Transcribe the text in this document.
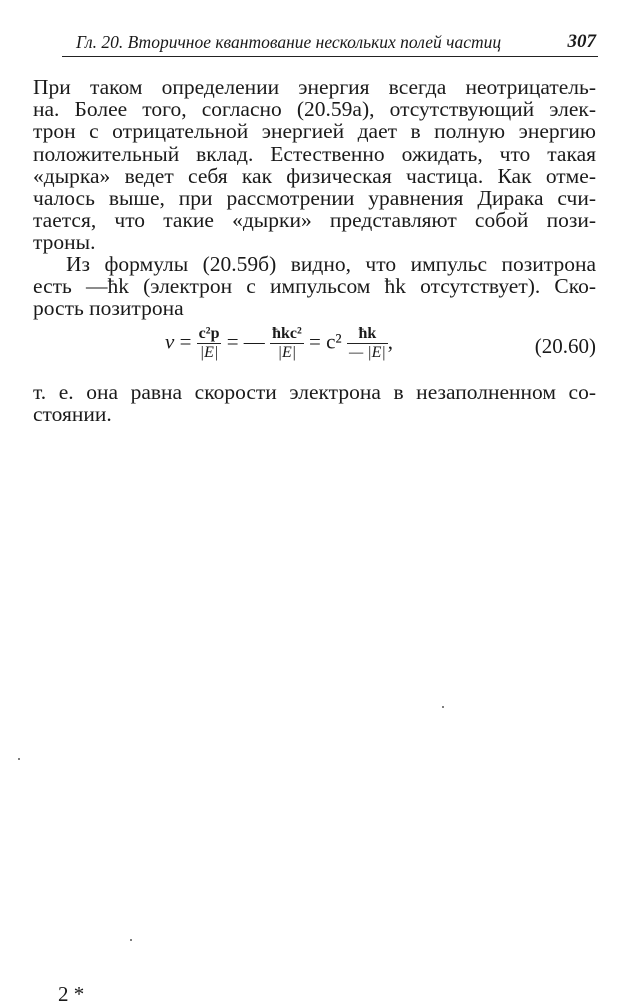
Гл. 20. Вторичное квантование нескольких полей частиц	307
При таком определении энергия всегда неотрицатель-
на. Более того, согласно (20.59а), отсутствующий элек-
трон с отрицательной энергией дает в полную энергию
положительный вклад. Естественно ожидать, что такая
«дырка» ведет себя как физическая частица. Как отме-
чалось выше, при рассмотрении уравнения Дирака счи-
тается, что такие «дырки» представляют собой пози-
троны.
Из формулы (20.59б) видно, что импульс позитрона
есть —ħk (электрон с импульсом ħk отсутствует). Ско-
рость позитрона
$v = \frac{\text{c²p}}{|E|}$ = — $\frac{\text{ħkc²}}{|E|} = c^2 \frac{ħk}{— |E|}$ ,	(20.60)
т. е. она равна скорости электрона в незаполненном со-
стоянии.
2 *
